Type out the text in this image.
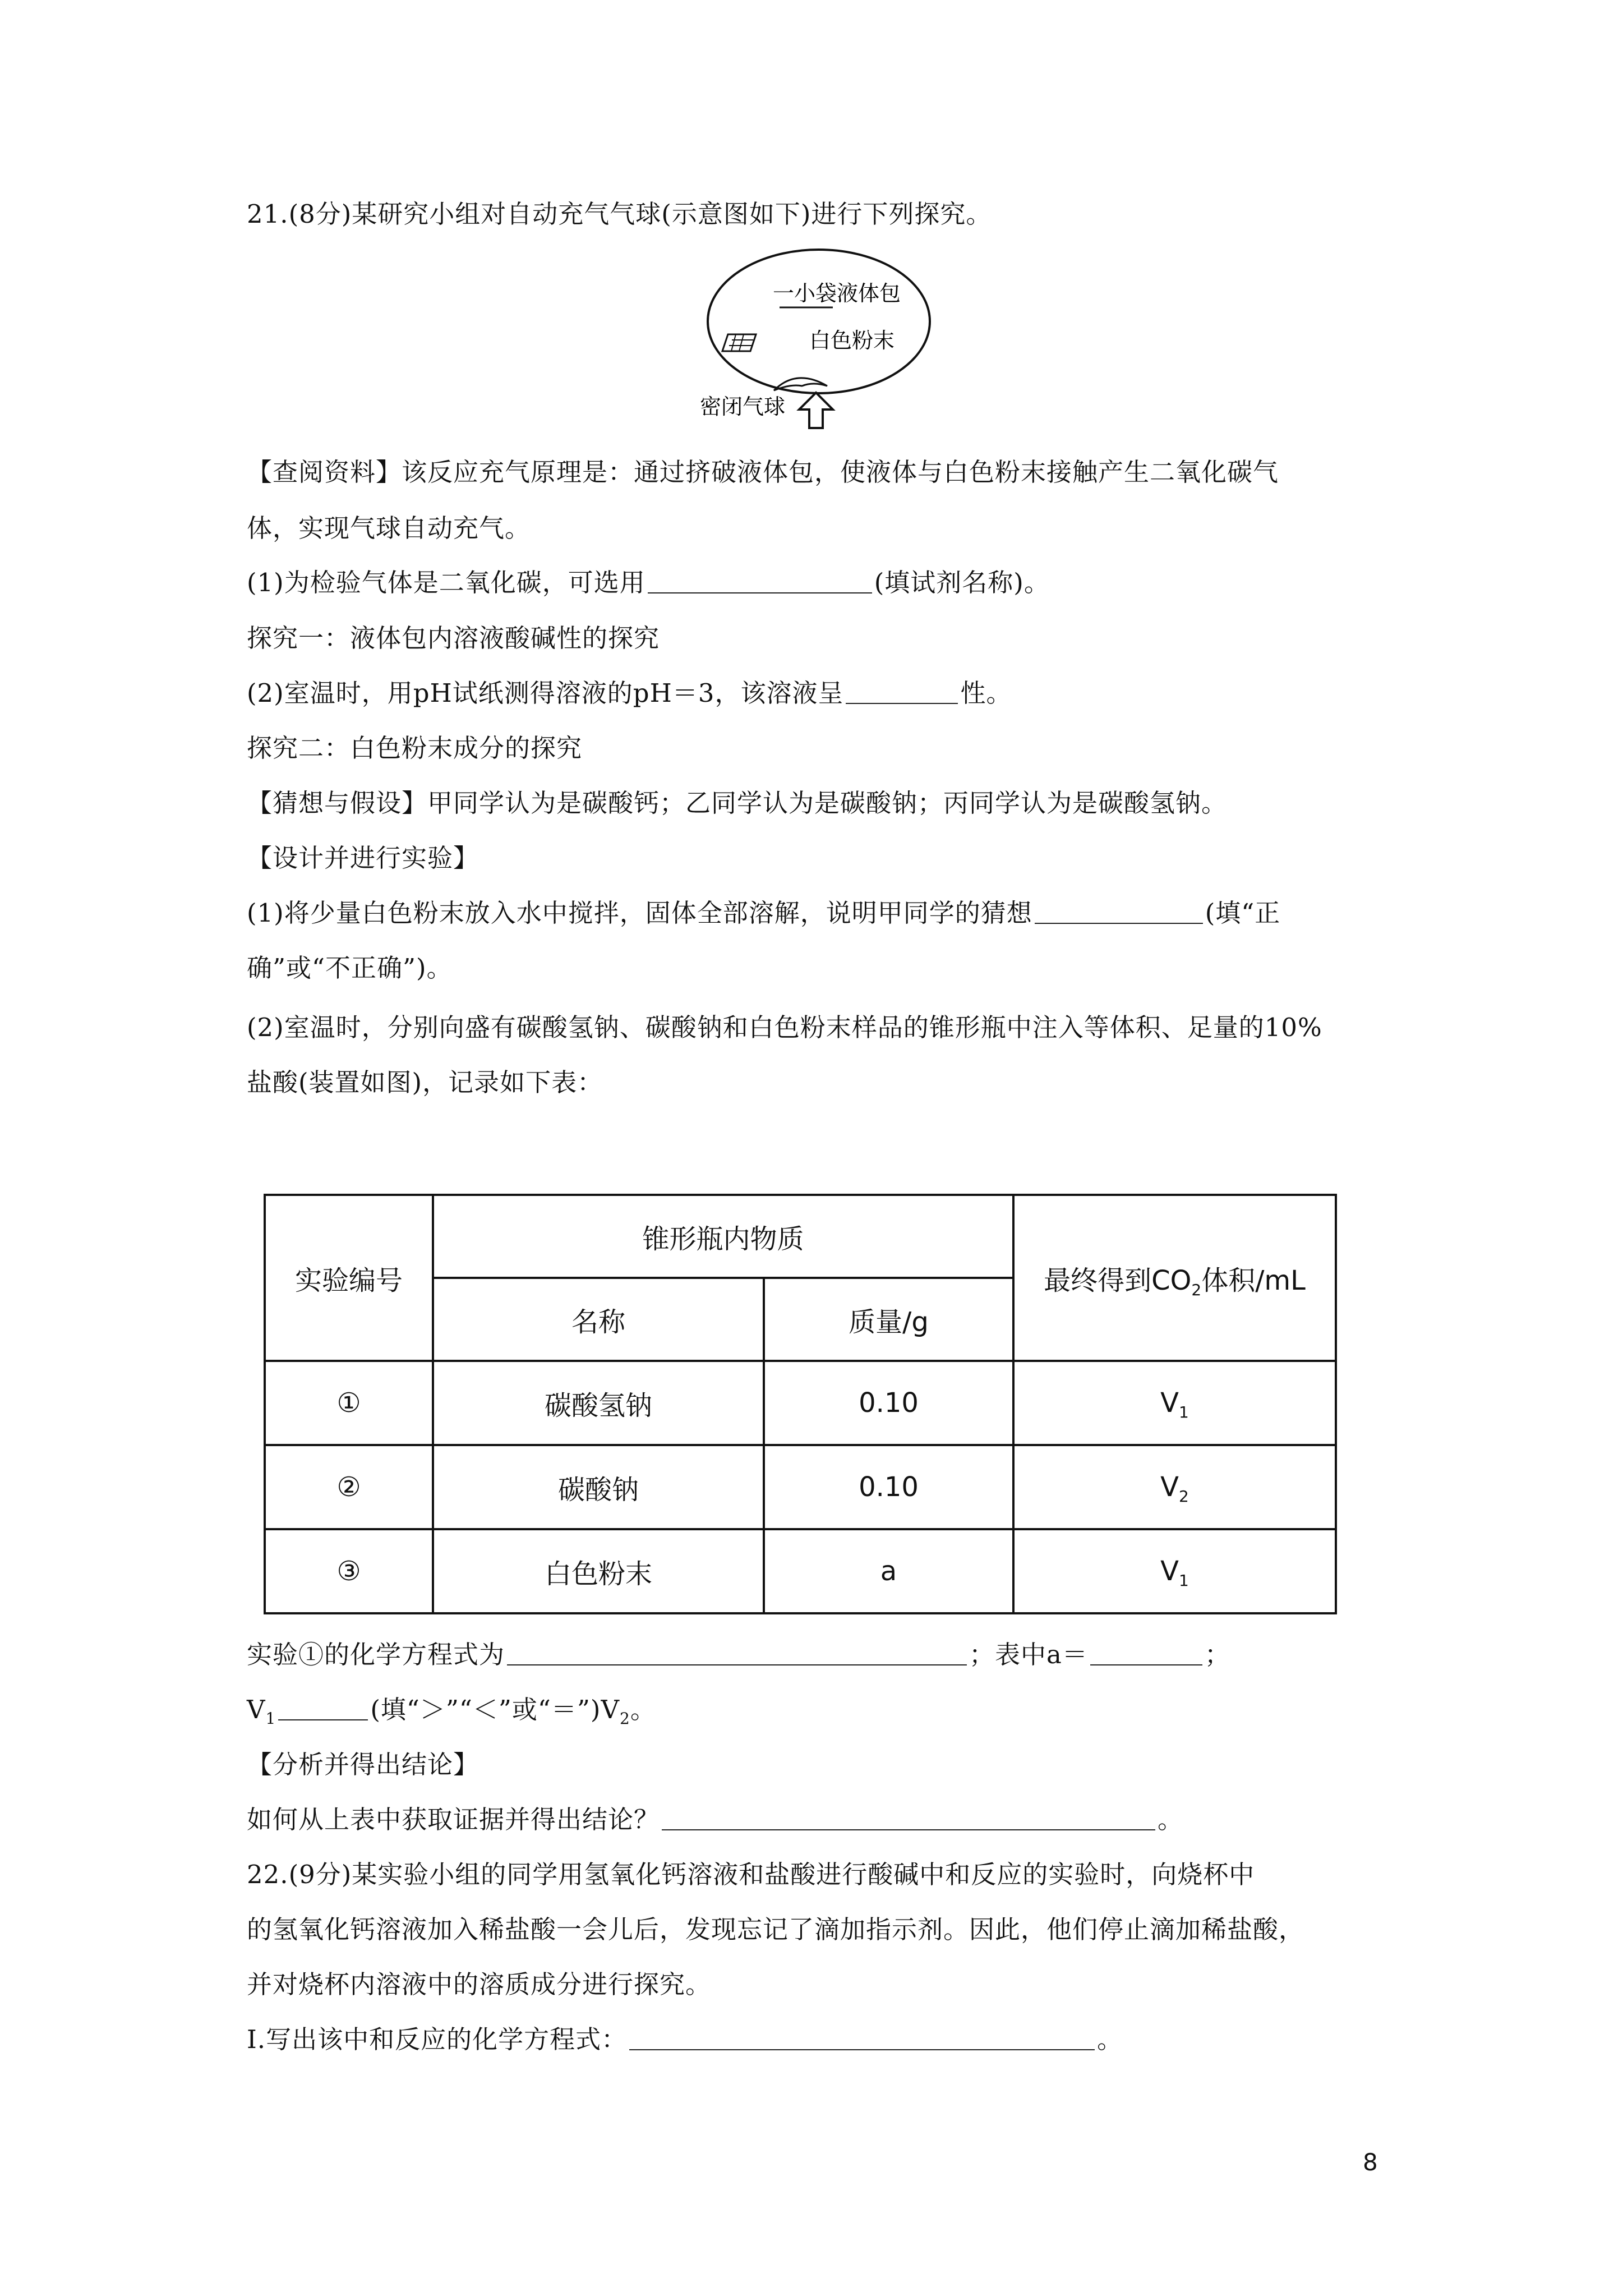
21.(8分)某研究小组对自动充气气球(示意图如下)进行下列探究。

一小袋液体包
白色粉末
密闭气球

【查阅资料】该反应充气原理是：通过挤破液体包，使液体与白色粉末接触产生二氧化碳气

体，实现气球自动充气。

(1)为检验气体是二氧化碳，可选用	(填试剂名称)。

探究一：液体包内溶液酸碱性的探究

(2)室温时，用pH试纸测得溶液的pH＝3，该溶液呈	性。

探究二：白色粉末成分的探究

【猜想与假设】甲同学认为是碳酸钙；乙同学认为是碳酸钠；丙同学认为是碳酸氢钠。

【设计并进行实验】

(1)将少量白色粉末放入水中搅拌，固体全部溶解，说明甲同学的猜想	(填“正

确”或“不正确”)。

(2)室温时，分别向盛有碳酸氢钠、碳酸钠和白色粉末样品的锥形瓶中注入等体积、足量的10%

盐酸(装置如图)，记录如下表：

实验编号	锥形瓶内物质		最终得到$CO_2$体积/mL
	名称	质量/g	
①	碳酸氢钠	0.10	$V_1$
②	碳酸钠	0.10	$V_2$
③	白色粉末	a	$V_1$

实验①的化学方程式为	；表中a＝	；

$V_1$	(填“＞”“＜”或“$=”)V_2$。

【分析并得出结论】

如何从上表中获取证据并得出结论？	。

22.(9分)某实验小组的同学用氢氧化钙溶液和盐酸进行酸碱中和反应的实验时，向烧杯中

的氢氧化钙溶液加入稀盐酸一会儿后，发现忘记了滴加指示剂。因此，他们停止滴加稀盐酸，

并对烧杯内溶液中的溶质成分进行探究。

Ⅰ.写出该中和反应的化学方程式：	。

8
